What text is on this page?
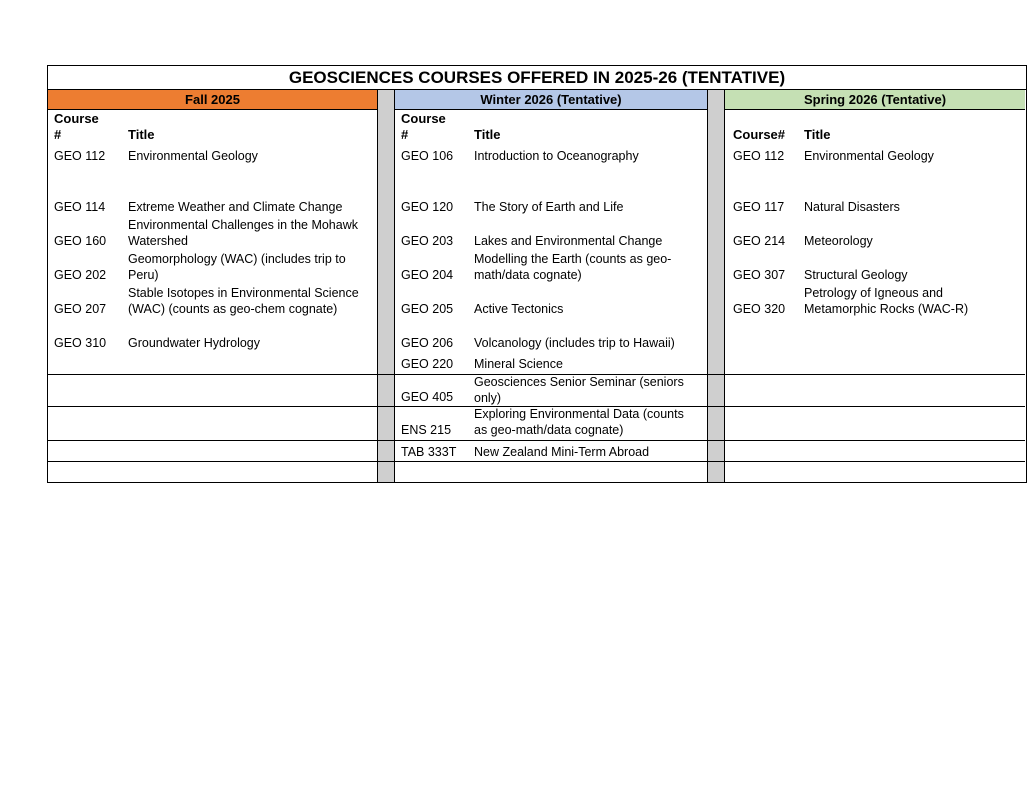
GEOSCIENCES COURSES OFFERED IN 2025-26 (TENTATIVE)
Fall 2025
Course
#	Title
GEO 112 Environmental Geology
GEO 114 Extreme Weather and Climate Change
GEO 160
Environmental Challenges in the Mohawk
Watershed
GEO 202
Geomorphology (WAC) (includes trip to
Peru)
GEO 207
Stable Isotopes in Environmental Science
(WAC) (counts as geo-chem cognate)
GEO 310 Groundwater Hydrology
Winter 2026 (Tentative)
Course
#	Title
GEO 106 Introduction to Oceanography
GEO 120 The Story of Earth and Life
GEO 203 Lakes and Environmental Change
GEO 204
Modelling the Earth (counts as geo-
math/data cognate)
GEO 205 Active Tectonics
GEO 206 Volcanology (includes trip to Hawaii)
GEO 220 Mineral Science
GEO 405
Geosciences Senior Seminar (seniors
only)
ENS 215
Exploring Environmental Data (counts
as geo-math/data cognate)
TAB 333T New Zealand Mini-Term Abroad
Spring 2026 (Tentative)
Course# Title
GEO 112 Environmental Geology
GEO 117 Natural Disasters
GEO 214 Meteorology
GEO 307 Structural Geology
GEO 320
Petrology of Igneous and
Metamorphic Rocks (WAC-R)
